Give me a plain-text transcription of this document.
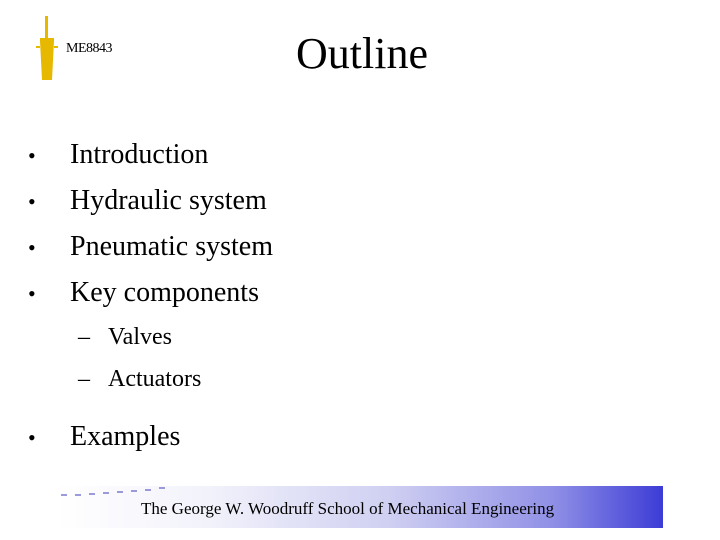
ME8843	Outline
•	Introduction
•	Hydraulic system
•	Pneumatic system
•	Key components
– Valves
– Actuators
•	Examples
The George W. Woodruff School of Mechanical Engineering
